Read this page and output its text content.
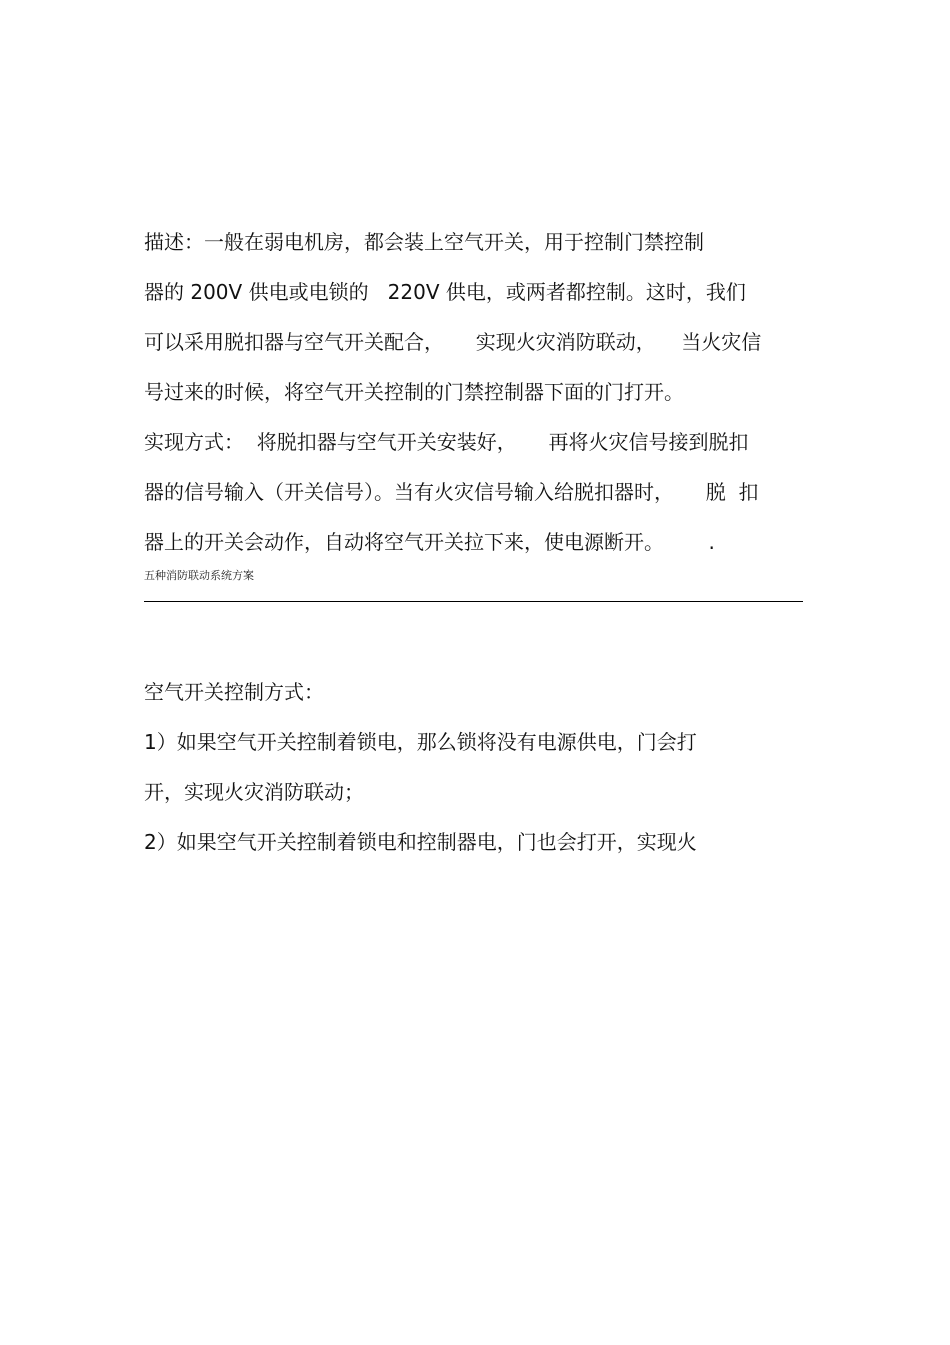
描述：一般在弱电机房，都会装上空气开关，用于控制门禁控制
器的 200V 供电或电锁的   220V 供电，或两者都控制。这时，我们
可以采用脱扣器与空气开关配合，     实现火灾消防联动，    当火灾信
号过来的时候，将空气开关控制的门禁控制器下面的门打开。
实现方式：  将脱扣器与空气开关安装好，     再将火灾信号接到脱扣
器的信号输入（开关信号）。当有火灾信号输入给脱扣器时，     脱  扣
器上的开关会动作，自动将空气开关拉下来，使电源断开。       .
五种消防联动系统方案
空气开关控制方式：
1）如果空气开关控制着锁电，那么锁将没有电源供电，门会打
开，实现火灾消防联动；
2）如果空气开关控制着锁电和控制器电，门也会打开，实现火
